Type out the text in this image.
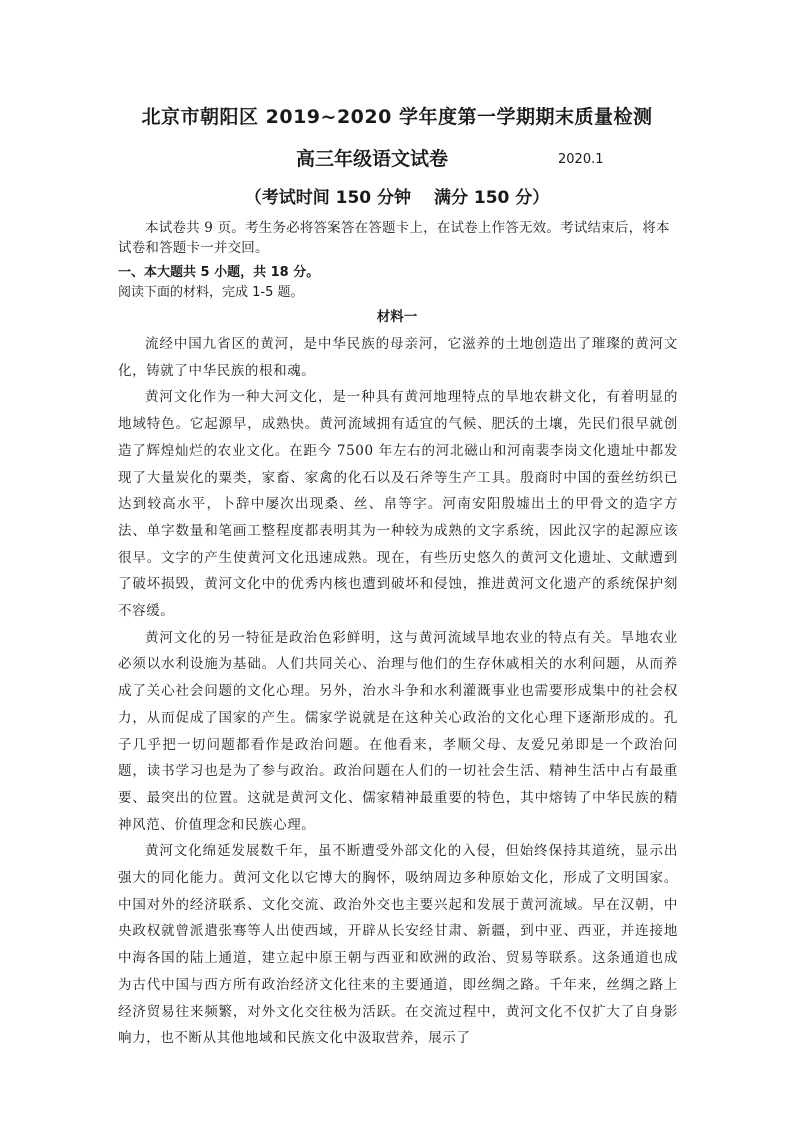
北京市朝阳区 2019~2020 学年度第一学期期末质量检测
高三年级语文试卷	2020.1
（考试时间 150 分钟　 满分 150 分）
本试卷共 9 页。考生务必将答案答在答题卡上，在试卷上作答无效。考试结束后，将本试卷和答题卡一并交回。
一、本大题共 5 小题，共 18 分。
阅读下面的材料，完成 1-5 题。
材料一

流经中国九省区的黄河，是中华民族的母亲河，它滋养的土地创造出了璀璨的黄河文化，铸就了中华民族的根和魂。

黄河文化作为一种大河文化，是一种具有黄河地理特点的旱地农耕文化，有着明显的地域特色。它起源早，成熟快。黄河流域拥有适宜的气候、肥沃的土壤，先民们很早就创造了辉煌灿烂的农业文化。在距今 7500 年左右的河北磁山和河南裴李岗文化遗址中都发现了大量炭化的粟类，家畜、家禽的化石以及石斧等生产工具。殷商时中国的蚕丝纺织已达到较高水平，卜辞中屡次出现桑、丝、帛等字。河南安阳殷墟出土的甲骨文的造字方法、单字数量和笔画工整程度都表明其为一种较为成熟的文字系统，因此汉字的起源应该很早。文字的产生使黄河文化迅速成熟。现在，有些历史悠久的黄河文化遗址、文献遭到了破坏损毁，黄河文化中的优秀内核也遭到破坏和侵蚀，推进黄河文化遗产的系统保护刻不容缓。

黄河文化的另一特征是政治色彩鲜明，这与黄河流域旱地农业的特点有关。旱地农业必须以水利设施为基础。人们共同关心、治理与他们的生存休戚相关的水利问题，从而养成了关心社会问题的文化心理。另外，治水斗争和水利灌溉事业也需要形成集中的社会权力，从而促成了国家的产生。儒家学说就是在这种关心政治的文化心理下逐渐形成的。孔子几乎把一切问题都看作是政治问题。在他看来，孝顺父母、友爱兄弟即是一个政治问题，读书学习也是为了参与政治。政治问题在人们的一切社会生活、精神生活中占有最重要、最突出的位置。这就是黄河文化、儒家精神最重要的特色，其中熔铸了中华民族的精神风范、价值理念和民族心理。

黄河文化绵延发展数千年，虽不断遭受外部文化的入侵，但始终保持其道统，显示出强大的同化能力。黄河文化以它博大的胸怀，吸纳周边多种原始文化，形成了文明国家。中国对外的经济联系、文化交流、政治外交也主要兴起和发展于黄河流域。早在汉朝，中央政权就曾派遣张骞等人出使西域，开辟从长安经甘肃、新疆，到中亚、西亚，并连接地中海各国的陆上通道，建立起中原王朝与西亚和欧洲的政治、贸易等联系。这条通道也成为古代中国与西方所有政治经济文化往来的主要通道，即丝绸之路。千年来，丝绸之路上经济贸易往来频繁，对外文化交往极为活跃。在交流过程中，黄河文化不仅扩大了自身影响力，也不断从其他地域和民族文化中汲取营养，展示了
